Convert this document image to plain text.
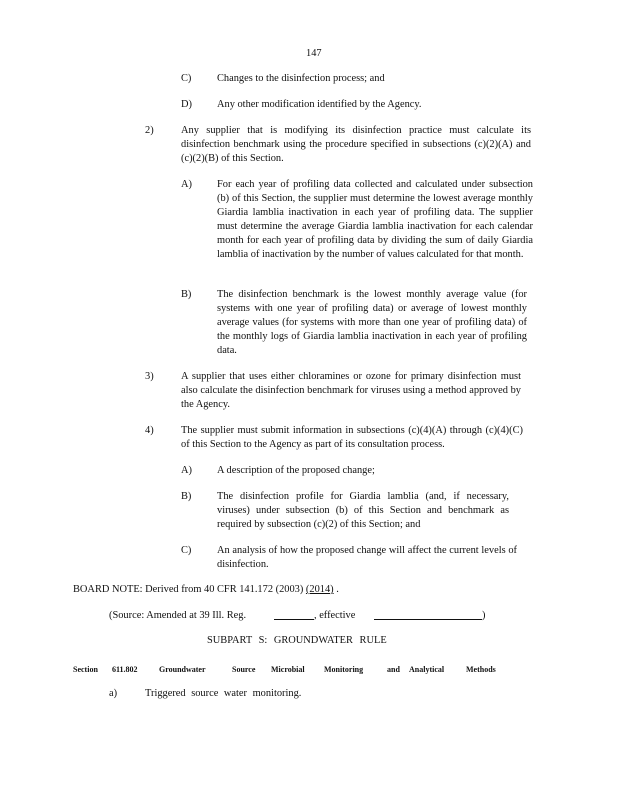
147
C) Changes to the disinfection process; and
D) Any other modification identified by the Agency.
2)	Any supplier that is modifying its disinfection practice must calculate its disinfection benchmark using the procedure specified in subsections (c)(2)(A) and (c)(2)(B) of this Section.
A) For each year of profiling data collected and calculated under subsection (b) of this Section, the supplier must determine the lowest average monthly Giardia lamblia inactivation in each year of profiling data. The supplier must determine the average Giardia lamblia inactivation for each calendar month for each year of profiling data by dividing the sum of daily Giardia lamblia of inactivation by the number of values calculated for that month.
B) The disinfection benchmark is the lowest monthly average value (for systems with one year of profiling data) or average of lowest monthly average values (for systems with more than one year of profiling data) of the monthly logs of Giardia lamblia inactivation in each year of profiling data.
3)	A supplier that uses either chloramines or ozone for primary disinfection must also calculate the disinfection benchmark for viruses using a method approved by the Agency.
4)	The supplier must submit information in subsections (c)(4)(A) through (c)(4)(C) of this Section to the Agency as part of its consultation process.
A) A description of the proposed change;
B) The disinfection profile for Giardia lamblia (and, if necessary, viruses) under subsection (b) of this Section and benchmark as required by subsection (c)(2) of this Section; and
C) An analysis of how the proposed change will affect the current levels of disinfection.
BOARD NOTE: Derived from 40 CFR 141.172 (2003) (2014) .
(Source: Amended at 39 Ill. Reg.	, effective	)
SUBPART S: GROUNDWATER RULE
Section 611.802	Groundwater	Source Microbial Monitoring	and Analytical	Methods
a)	Triggered source water monitoring.
